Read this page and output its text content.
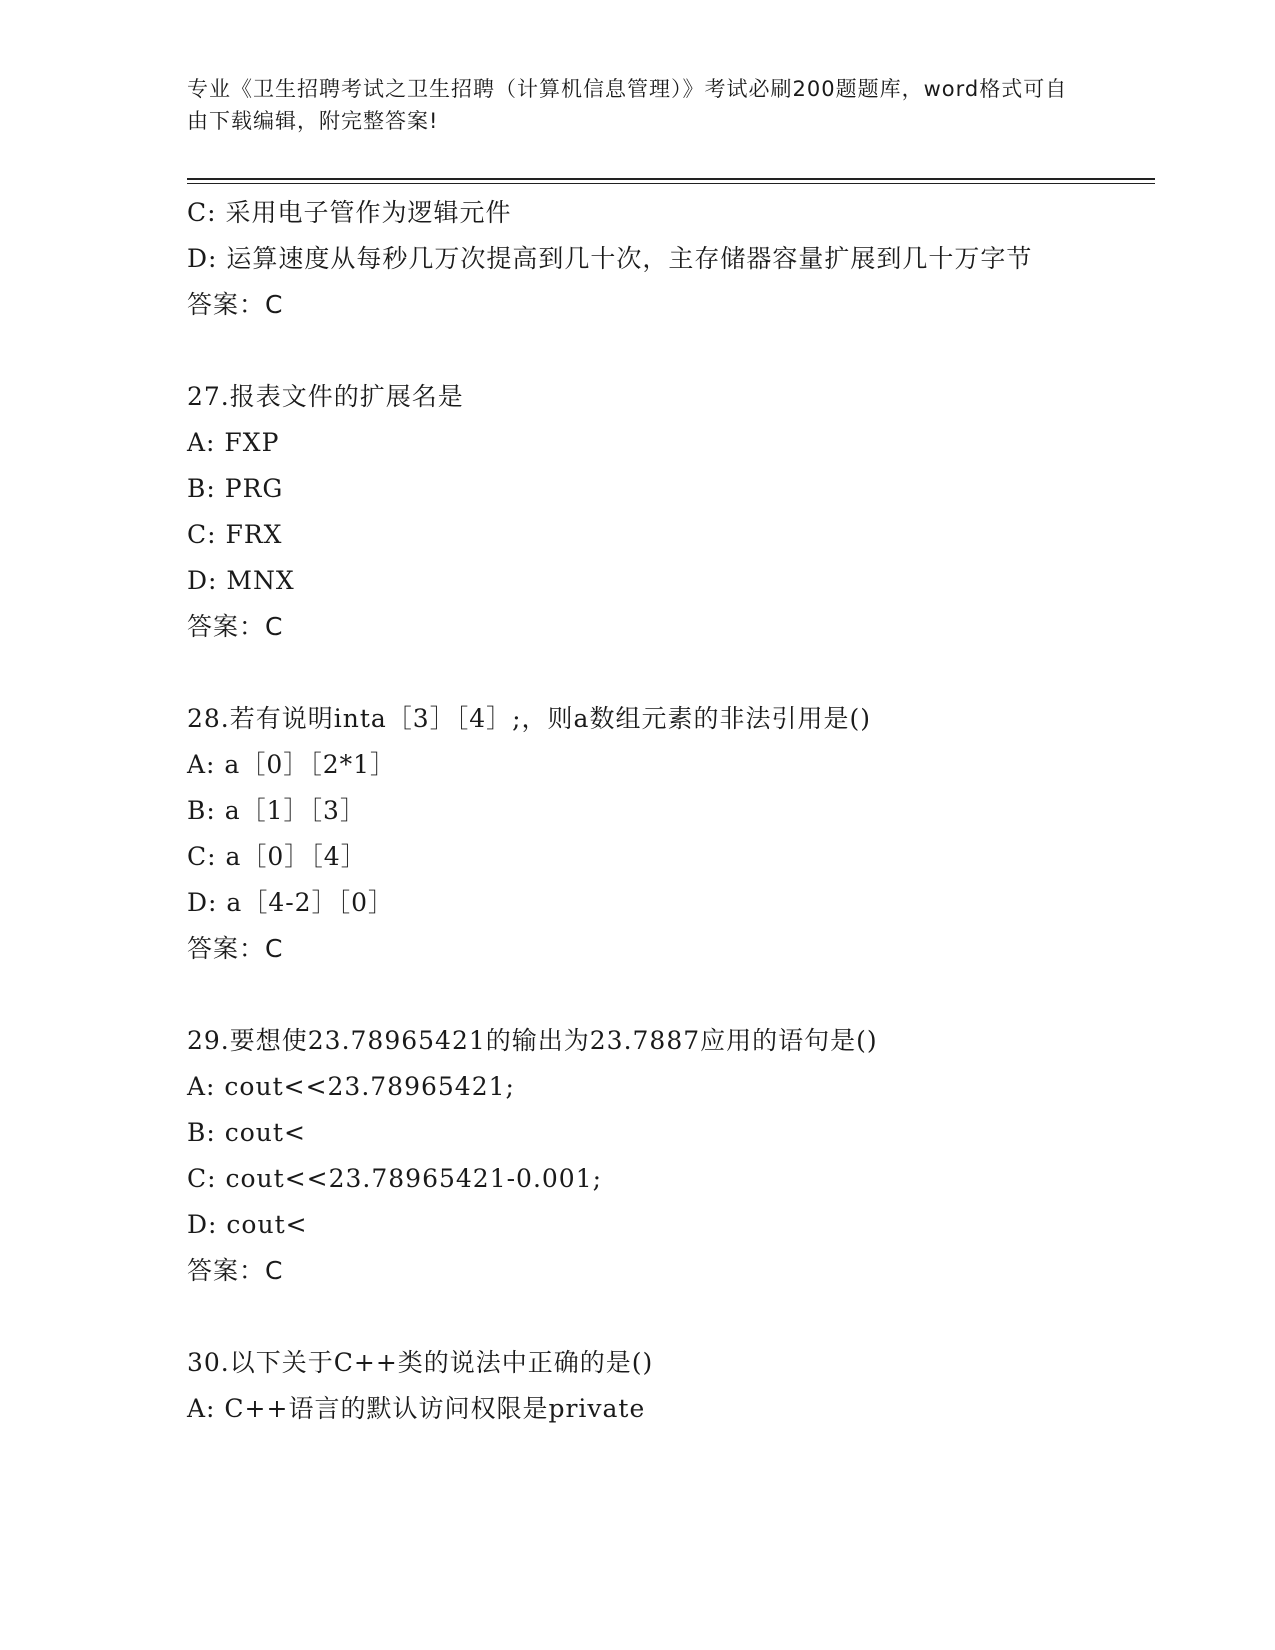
专业《卫生招聘考试之卫生招聘（计算机信息管理）》考试必刷200题题库，word格式可自由下载编辑，附完整答案!
C: 采用电子管作为逻辑元件
D: 运算速度从每秒几万次提高到几十次，主存储器容量扩展到几十万字节
答案：C
27.报表文件的扩展名是
A: FXP
B: PRG
C: FRX
D: MNX
答案：C
28.若有说明inta［3］［4］;，则a数组元素的非法引用是()
A: a［0］［2*1］
B: a［1］［3］
C: a［0］［4］
D: a［4-2］［0］
答案：C
29.要想使23.78965421的输出为23.7887应用的语句是()
A: cout<<23.78965421;
B: cout<
C: cout<<23.78965421-0.001;
D: cout<
答案：C
30.以下关于C++类的说法中正确的是()
A: C++语言的默认访问权限是private
